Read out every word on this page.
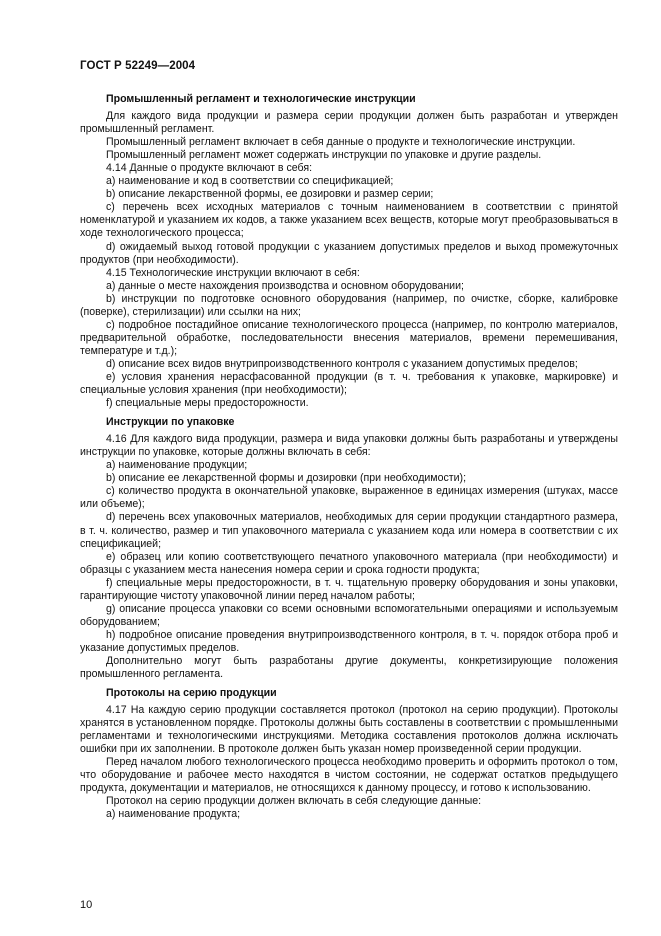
ГОСТ Р 52249—2004
Промышленный регламент и технологические инструкции

Для каждого вида продукции и размера серии продукции должен быть разработан и утвержден промышленный регламент.

Промышленный регламент включает в себя данные о продукте и технологические инструкции.

Промышленный регламент может содержать инструкции по упаковке и другие разделы.

4.14 Данные о продукте включают в себя:

a) наименование и код в соответствии со спецификацией;

b) описание лекарственной формы, ее дозировки и размер серии;

c) перечень всех исходных материалов с точным наименованием в соответствии с принятой номенклатурой и указанием их кодов, а также указанием всех веществ, которые могут преобразовываться в ходе технологического процесса;

d) ожидаемый выход готовой продукции с указанием допустимых пределов и выход промежуточных продуктов (при необходимости).

4.15 Технологические инструкции включают в себя:

a) данные о месте нахождения производства и основном оборудовании;

b) инструкции по подготовке основного оборудования (например, по очистке, сборке, калибровке (поверке), стерилизации) или ссылки на них;

c) подробное постадийное описание технологического процесса (например, по контролю материалов, предварительной обработке, последовательности внесения материалов, времени перемешивания, температуре и т.д.);

d) описание всех видов внутрипроизводственного контроля с указанием допустимых пределов;

e) условия хранения нерасфасованной продукции (в т. ч. требования к упаковке, маркировке) и специальные условия хранения (при необходимости);

f) специальные меры предосторожности.

Инструкции по упаковке

4.16 Для каждого вида продукции, размера и вида упаковки должны быть разработаны и утверждены инструкции по упаковке, которые должны включать в себя:

a) наименование продукции;

b) описание ее лекарственной формы и дозировки (при необходимости);

c) количество продукта в окончательной упаковке, выраженное в единицах измерения (штуках, массе или объеме);

d) перечень всех упаковочных материалов, необходимых для серии продукции стандартного размера, в т. ч. количество, размер и тип упаковочного материала с указанием кода или номера в соответствии с их спецификацией;

e) образец или копию соответствующего печатного упаковочного материала (при необходимости) и образцы с указанием места нанесения номера серии и срока годности продукта;

f) специальные меры предосторожности, в т. ч. тщательную проверку оборудования и зоны упаковки, гарантирующие чистоту упаковочной линии перед началом работы;

g) описание процесса упаковки со всеми основными вспомогательными операциями и используемым оборудованием;

h) подробное описание проведения внутрипроизводственного контроля, в т. ч. порядок отбора проб и указание допустимых пределов.

Дополнительно могут быть разработаны другие документы, конкретизирующие положения промышленного регламента.

Протоколы на серию продукции

4.17 На каждую серию продукции составляется протокол (протокол на серию продукции). Протоколы хранятся в установленном порядке. Протоколы должны быть составлены в соответствии с промышленными регламентами и технологическими инструкциями. Методика составления протоколов должна исключать ошибки при их заполнении. В протоколе должен быть указан номер произведенной серии продукции.

Перед началом любого технологического процесса необходимо проверить и оформить протокол о том, что оборудование и рабочее место находятся в чистом состоянии, не содержат остатков предыдущего продукта, документации и материалов, не относящихся к данному процессу, и готово к использованию.

Протокол на серию продукции должен включать в себя следующие данные:

a) наименование продукта;

10
